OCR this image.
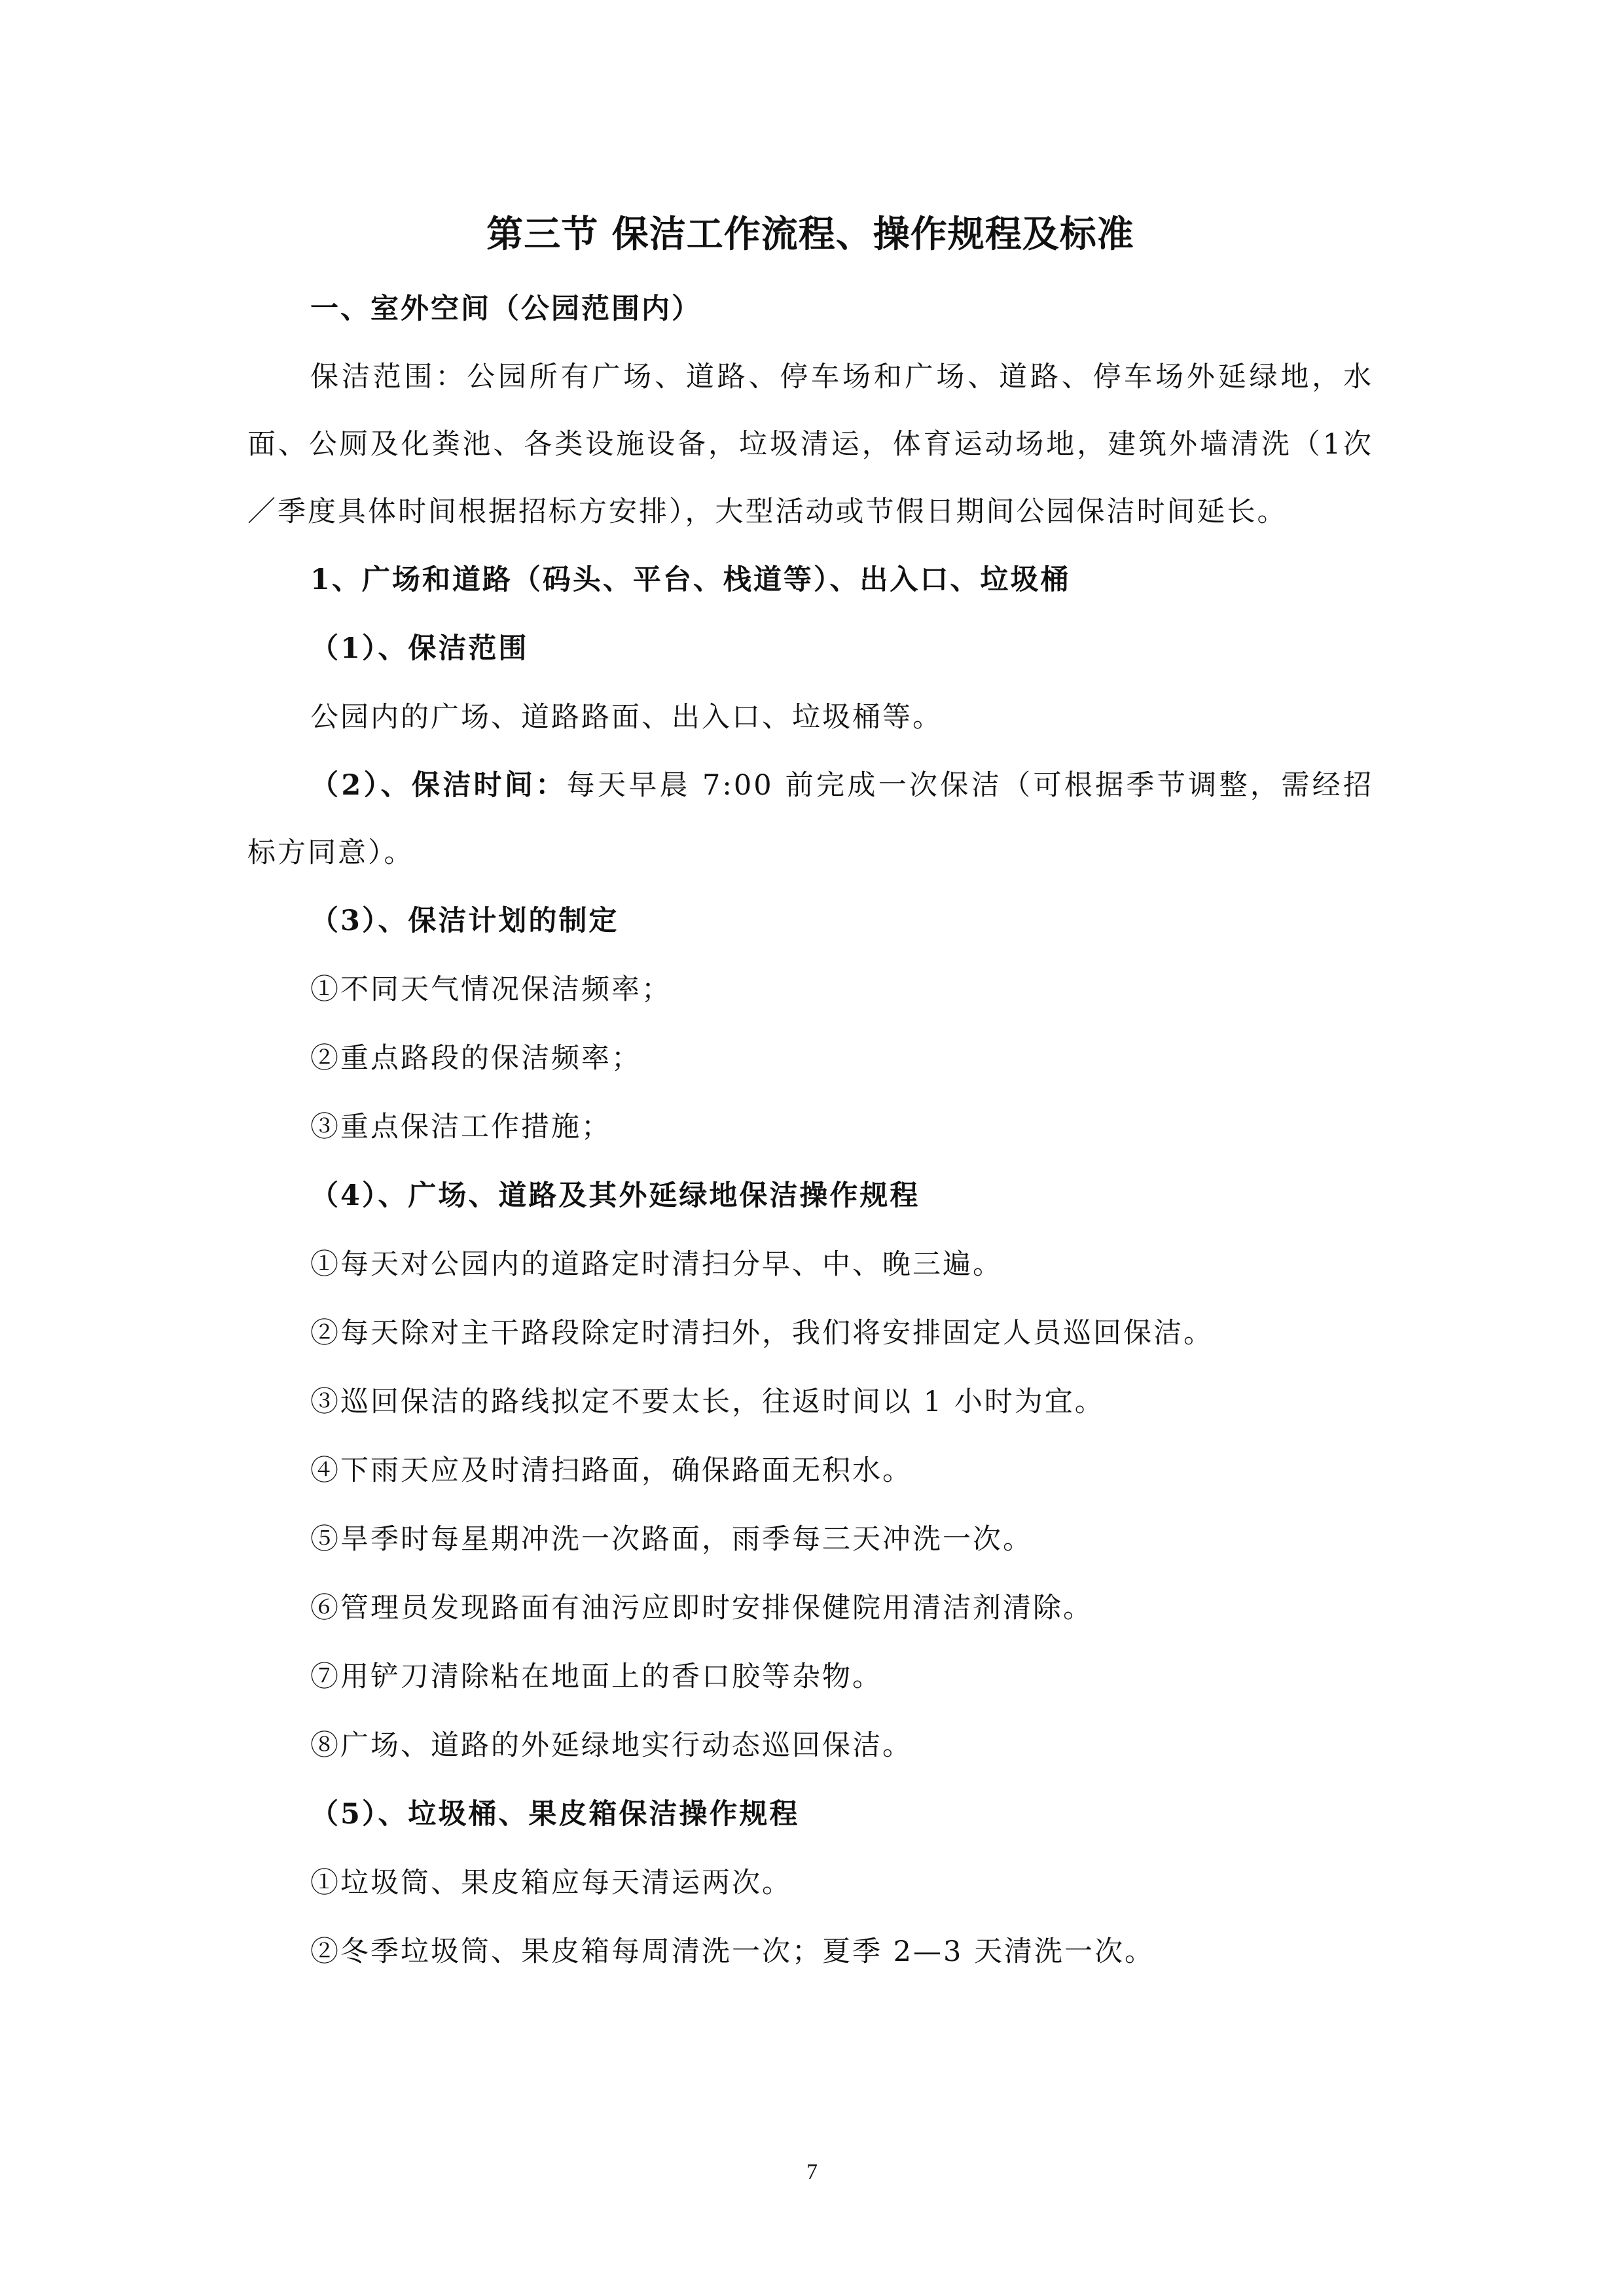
第三节 保洁工作流程、操作规程及标准

一、室外空间（公园范围内）

保洁范围：公园所有广场、道路、停车场和广场、道路、停车场外延绿地，水面、公厕及化粪池、各类设施设备，垃圾清运，体育运动场地，建筑外墙清洗（1次／季度具体时间根据招标方安排），大型活动或节假日期间公园保洁时间延长。

1、广场和道路（码头、平台、栈道等）、出入口、垃圾桶

（1）、保洁范围

公园内的广场、道路路面、出入口、垃圾桶等。

（2）、保洁时间：每天早晨 7:00 前完成一次保洁（可根据季节调整，需经招标方同意）。

（3）、保洁计划的制定

①不同天气情况保洁频率；

②重点路段的保洁频率；

③重点保洁工作措施；

（4）、广场、道路及其外延绿地保洁操作规程

①每天对公园内的道路定时清扫分早、中、晚三遍。

②每天除对主干路段除定时清扫外，我们将安排固定人员巡回保洁。

③巡回保洁的路线拟定不要太长，往返时间以 1 小时为宜。

④下雨天应及时清扫路面，确保路面无积水。

⑤旱季时每星期冲洗一次路面，雨季每三天冲洗一次。

⑥管理员发现路面有油污应即时安排保健院用清洁剂清除。

⑦用铲刀清除粘在地面上的香口胶等杂物。

⑧广场、道路的外延绿地实行动态巡回保洁。

（5）、垃圾桶、果皮箱保洁操作规程

①垃圾筒、果皮箱应每天清运两次。

②冬季垃圾筒、果皮箱每周清洗一次；夏季 2—3 天清洗一次。

7
